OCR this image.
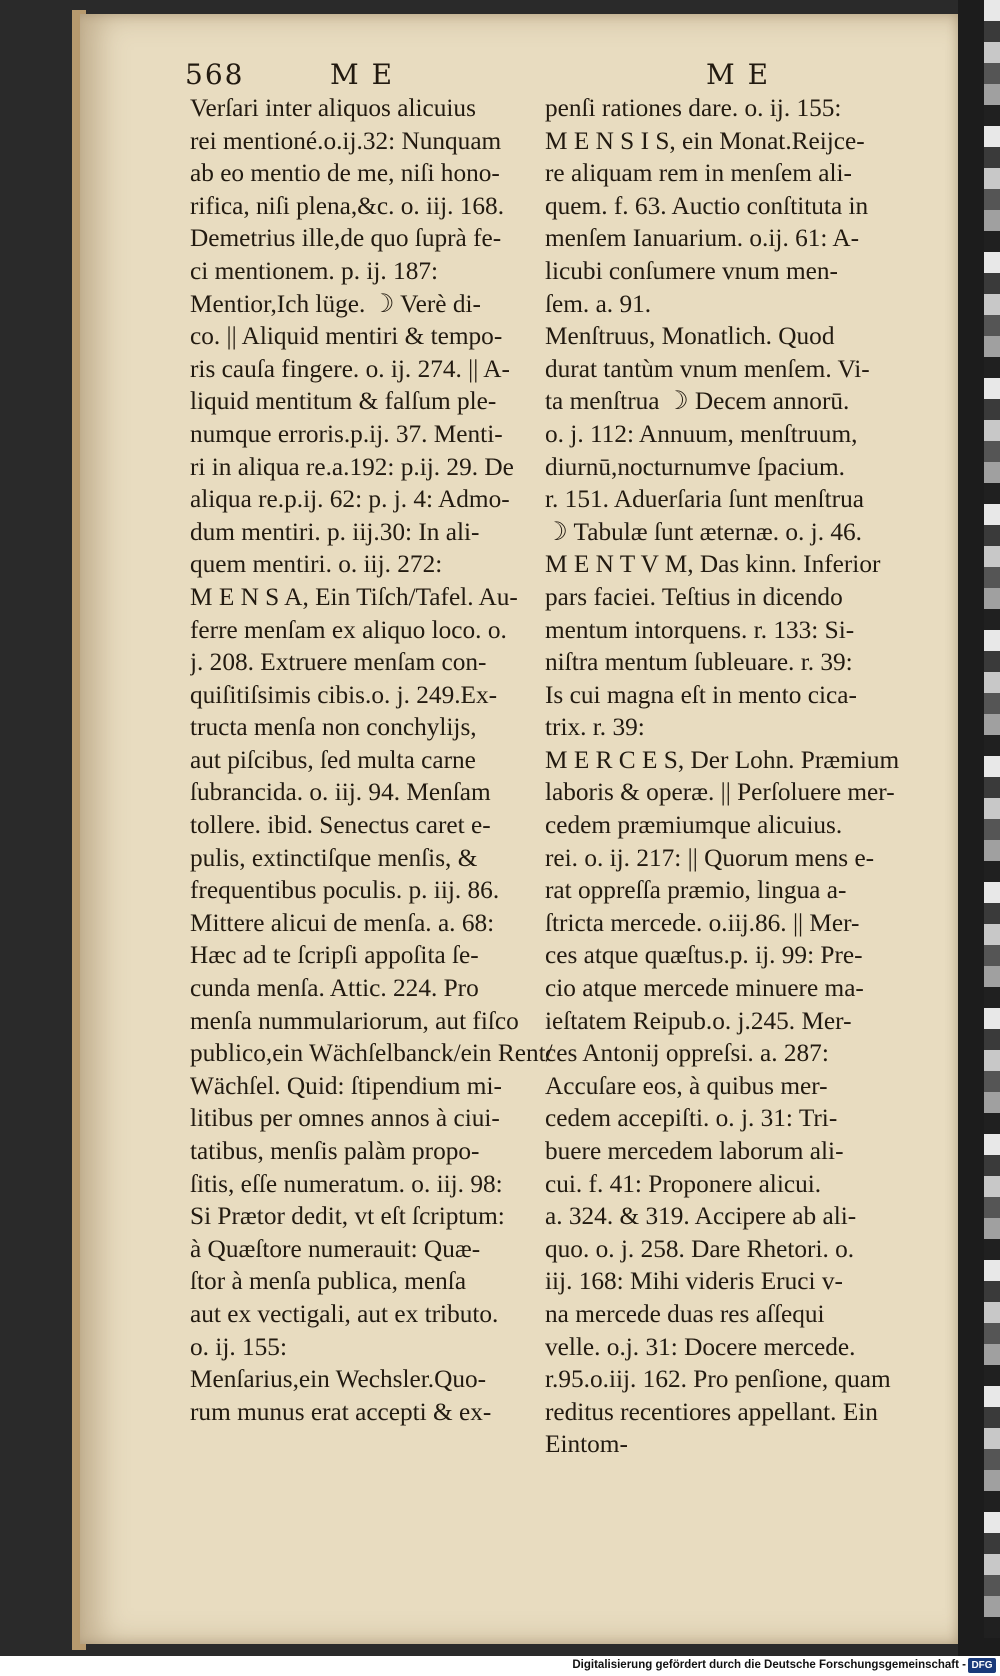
568	M E	M E

Verſari inter aliquos alicuius

rei mentioné.o.ij.32: Nunquam

ab eo mentio de me, niſi hono-

rifica, niſi plena,&c. o. iij. 168.

Demetrius ille,de quo ſuprà fe-

ci mentionem. p. ij. 187:

Mentior,Ich lüge. ☽ Verè di-

co. || Aliquid mentiri & tempo-

ris cauſa fingere. o. ij. 274. || A-

liquid mentitum & falſum ple-

numque erroris.p.ij. 37. Menti-

ri in aliqua re.a.192: p.ij. 29. De

aliqua re.p.ij. 62: p. j. 4: Admo-

dum mentiri. p. iij.30: In ali-

quem mentiri. o. iij. 272:

M E N S A, Ein Tiſch/Tafel. Au-

ferre menſam ex aliquo loco. o.

j. 208. Extruere menſam con-

quiſitiſsimis cibis.o. j. 249.Ex-

tructa menſa non conchylijs,

aut piſcibus, ſed multa carne

ſubrancida. o. iij. 94. Menſam

tollere. ibid. Senectus caret e-

pulis, extinctiſque menſis, &

frequentibus poculis. p. iij. 86.

Mittere alicui de menſa. a. 68:

Hæc ad te ſcripſi appoſita ſe-

cunda menſa. Attic. 224. Pro

menſa nummulariorum, aut fiſco

publico,ein Wächſelbanck/ein Rent/

Wächſel. Quid: ſtipendium mi-

litibus per omnes annos à ciui-

tatibus, menſis palàm propo-

ſitis, eſſe numeratum. o. iij. 98:

Si Prætor dedit, vt eſt ſcriptum:

à Quæſtore numerauit: Quæ-

ſtor à menſa publica, menſa

aut ex vectigali, aut ex tributo.

o. ij. 155:

Menſarius,ein Wechsler.Quo-

rum munus erat accepti & ex-

penſi rationes dare. o. ij. 155:

M E N S I S, ein Monat.Reijce-

re aliquam rem in menſem ali-

quem. f. 63. Auctio conſtituta in

menſem Ianuarium. o.ij. 61: A-

licubi conſumere vnum men-

ſem. a. 91.

Menſtruus, Monatlich. Quod

durat tantùm vnum menſem. Vi-

ta menſtrua ☽ Decem annorū.

o. j. 112: Annuum, menſtruum,

diurnū,nocturnumve ſpacium.

r. 151. Aduerſaria ſunt menſtrua

☽ Tabulæ ſunt æternæ. o. j. 46.

M E N T V M, Das kinn. Inferior

pars faciei. Teſtius in dicendo

mentum intorquens. r. 133: Si-

niſtra mentum ſubleuare. r. 39:

Is cui magna eſt in mento cica-

trix. r. 39:

M E R C E S, Der Lohn. Præmium

laboris & operæ. || Perſoluere mer-

cedem præmiumque alicuius.

rei. o. ij. 217: || Quorum mens e-

rat oppreſſa præmio, lingua a-

ſtricta mercede. o.iij.86. || Mer-

ces atque quæſtus.p. ij. 99: Pre-

cio atque mercede minuere ma-

ieſtatem Reipub.o. j.245. Mer-

ces Antonij oppreſsi. a. 287:

Accuſare eos, à quibus mer-

cedem accepiſti. o. j. 31: Tri-

buere mercedem laborum ali-

cui. f. 41: Proponere alicui.

a. 324. & 319. Accipere ab ali-

quo. o. j. 258. Dare Rhetori. o.

iij. 168: Mihi videris Eruci v-

na mercede duas res aſſequi

velle. o.j. 31: Docere mercede.

r.95.o.iij. 162. Pro penſione, quam

reditus recentiores appellant. Ein

Eintom-

Digitalisierung gefördert durch die Deutsche Forschungsgemeinschaft - DFG
